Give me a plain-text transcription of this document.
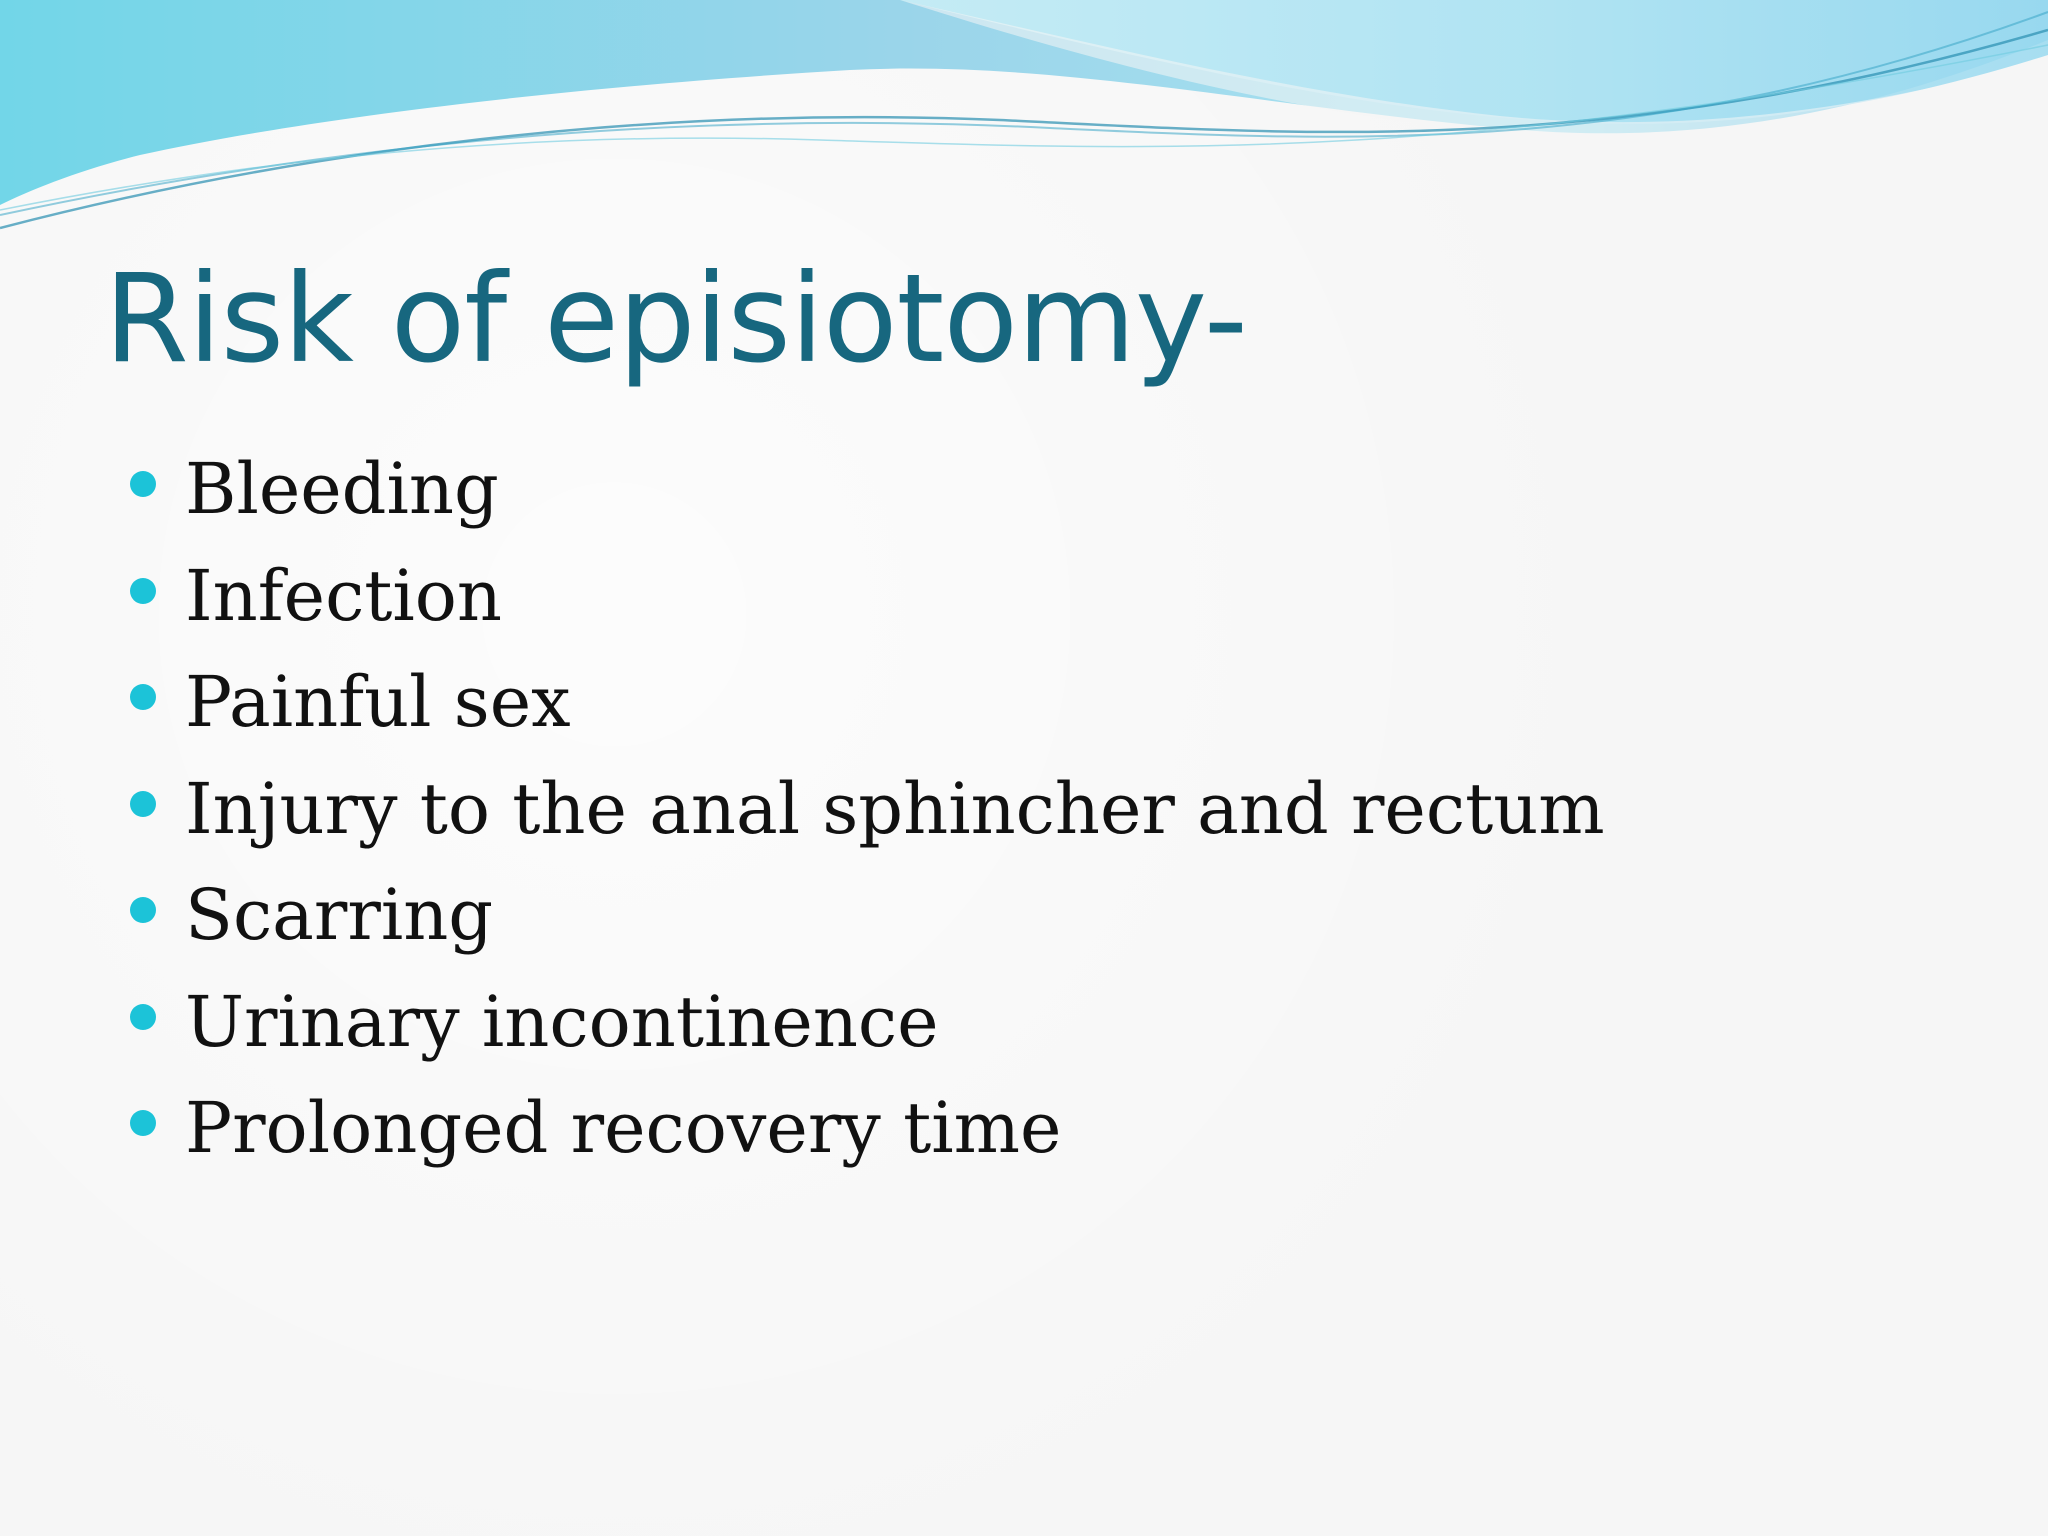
Risk of episiotomy-
Bleeding
Infection
Painful sex
Injury to the anal sphincher and rectum
Scarring
Urinary incontinence
Prolonged recovery time
